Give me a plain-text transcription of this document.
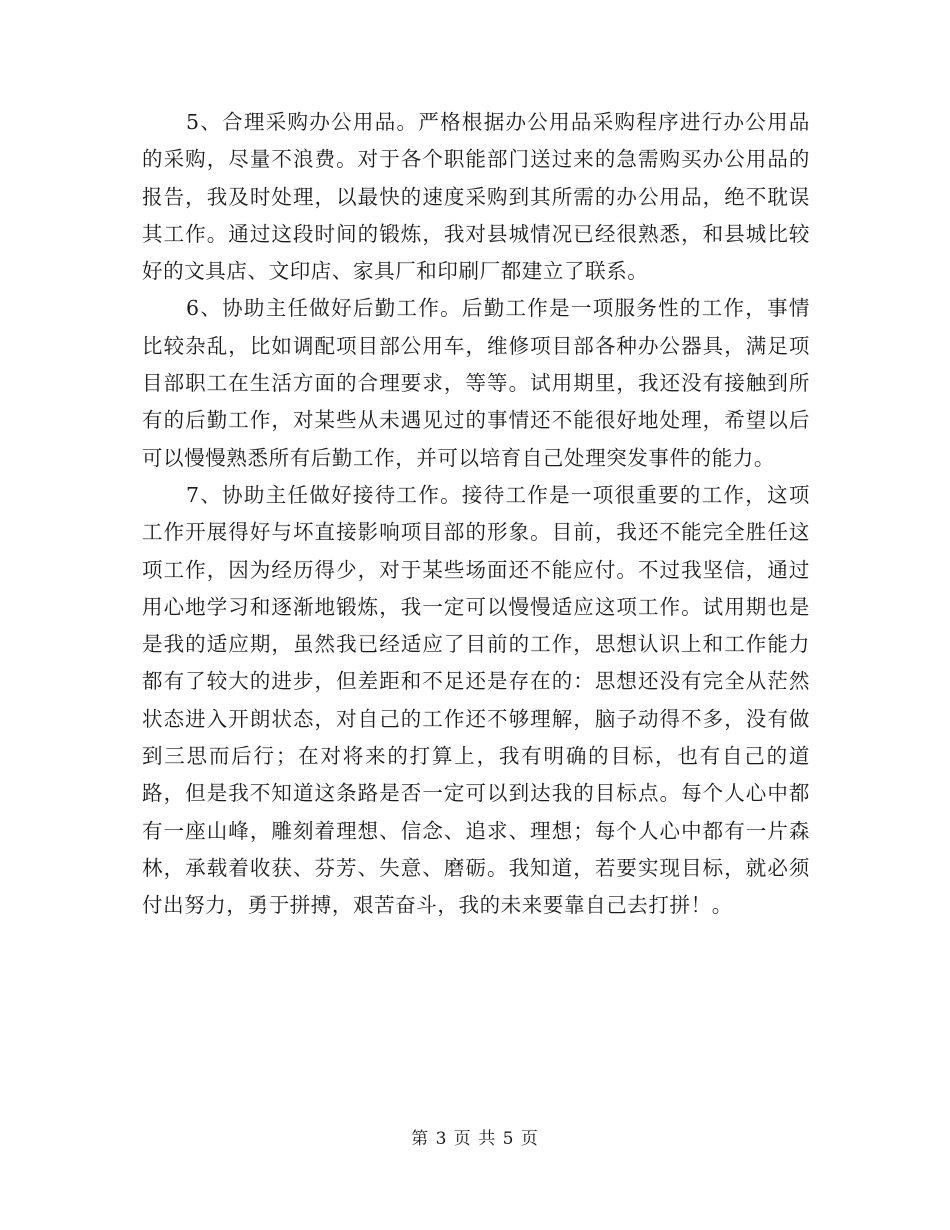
5、合理采购办公用品。严格根据办公用品采购程序进行办公用品的采购，尽量不浪费。对于各个职能部门送过来的急需购买办公用品的报告，我及时处理，以最快的速度采购到其所需的办公用品，绝不耽误其工作。通过这段时间的锻炼，我对县城情况已经很熟悉，和县城比较好的文具店、文印店、家具厂和印刷厂都建立了联系。

6、协助主任做好后勤工作。后勤工作是一项服务性的工作，事情比较杂乱，比如调配项目部公用车，维修项目部各种办公器具，满足项目部职工在生活方面的合理要求，等等。试用期里，我还没有接触到所有的后勤工作，对某些从未遇见过的事情还不能很好地处理，希望以后可以慢慢熟悉所有后勤工作，并可以培育自己处理突发事件的能力。

7、协助主任做好接待工作。接待工作是一项很重要的工作，这项工作开展得好与坏直接影响项目部的形象。目前，我还不能完全胜任这项工作，因为经历得少，对于某些场面还不能应付。不过我坚信，通过用心地学习和逐渐地锻炼，我一定可以慢慢适应这项工作。试用期也是是我的适应期，虽然我已经适应了目前的工作，思想认识上和工作能力都有了较大的进步，但差距和不足还是存在的：思想还没有完全从茫然状态进入开朗状态，对自己的工作还不够理解，脑子动得不多，没有做到三思而后行；在对将来的打算上，我有明确的目标，也有自己的道路，但是我不知道这条路是否一定可以到达我的目标点。每个人心中都有一座山峰，雕刻着理想、信念、追求、理想；每个人心中都有一片森林，承载着收获、芬芳、失意、磨砺。我知道，若要实现目标，就必须付出努力，勇于拼搏，艰苦奋斗，我的未来要靠自己去打拼！。

第 3 页 共 5 页
